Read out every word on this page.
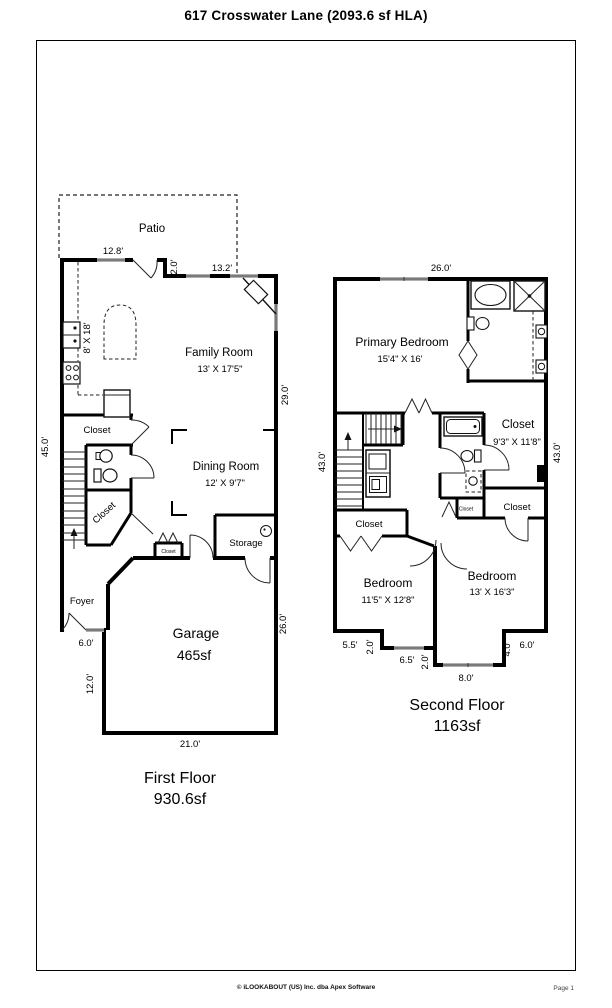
617 Crosswater Lane (2093.6 sf HLA)
Patio
12.8'
2.0'	13.2'
Family Room
13' X 17'5"
8' X 18'
Closet
Dining Room
12' X 9'7"
Closet
Closet
Storage
Foyer
6.0'
Garage
465sf
12.0'
21.0'
45.0'
29.0'
26.0'
First Floor
930.6sf
26.0'
Primary Bedroom
15'4" X 16'
Closet
9'3" X 11'8"
43.0'	43.0'
Closet
Closet
Closet
Bedroom
11'5" X 12'8"
Bedroom
13' X 16'3"
5.5' 2.0'
6.5' 2.0'
8.0'
4.0' 6.0'
Second Floor
1163sf
© iLOOKABOUT (US) Inc. dba Apex Software	Page 1
